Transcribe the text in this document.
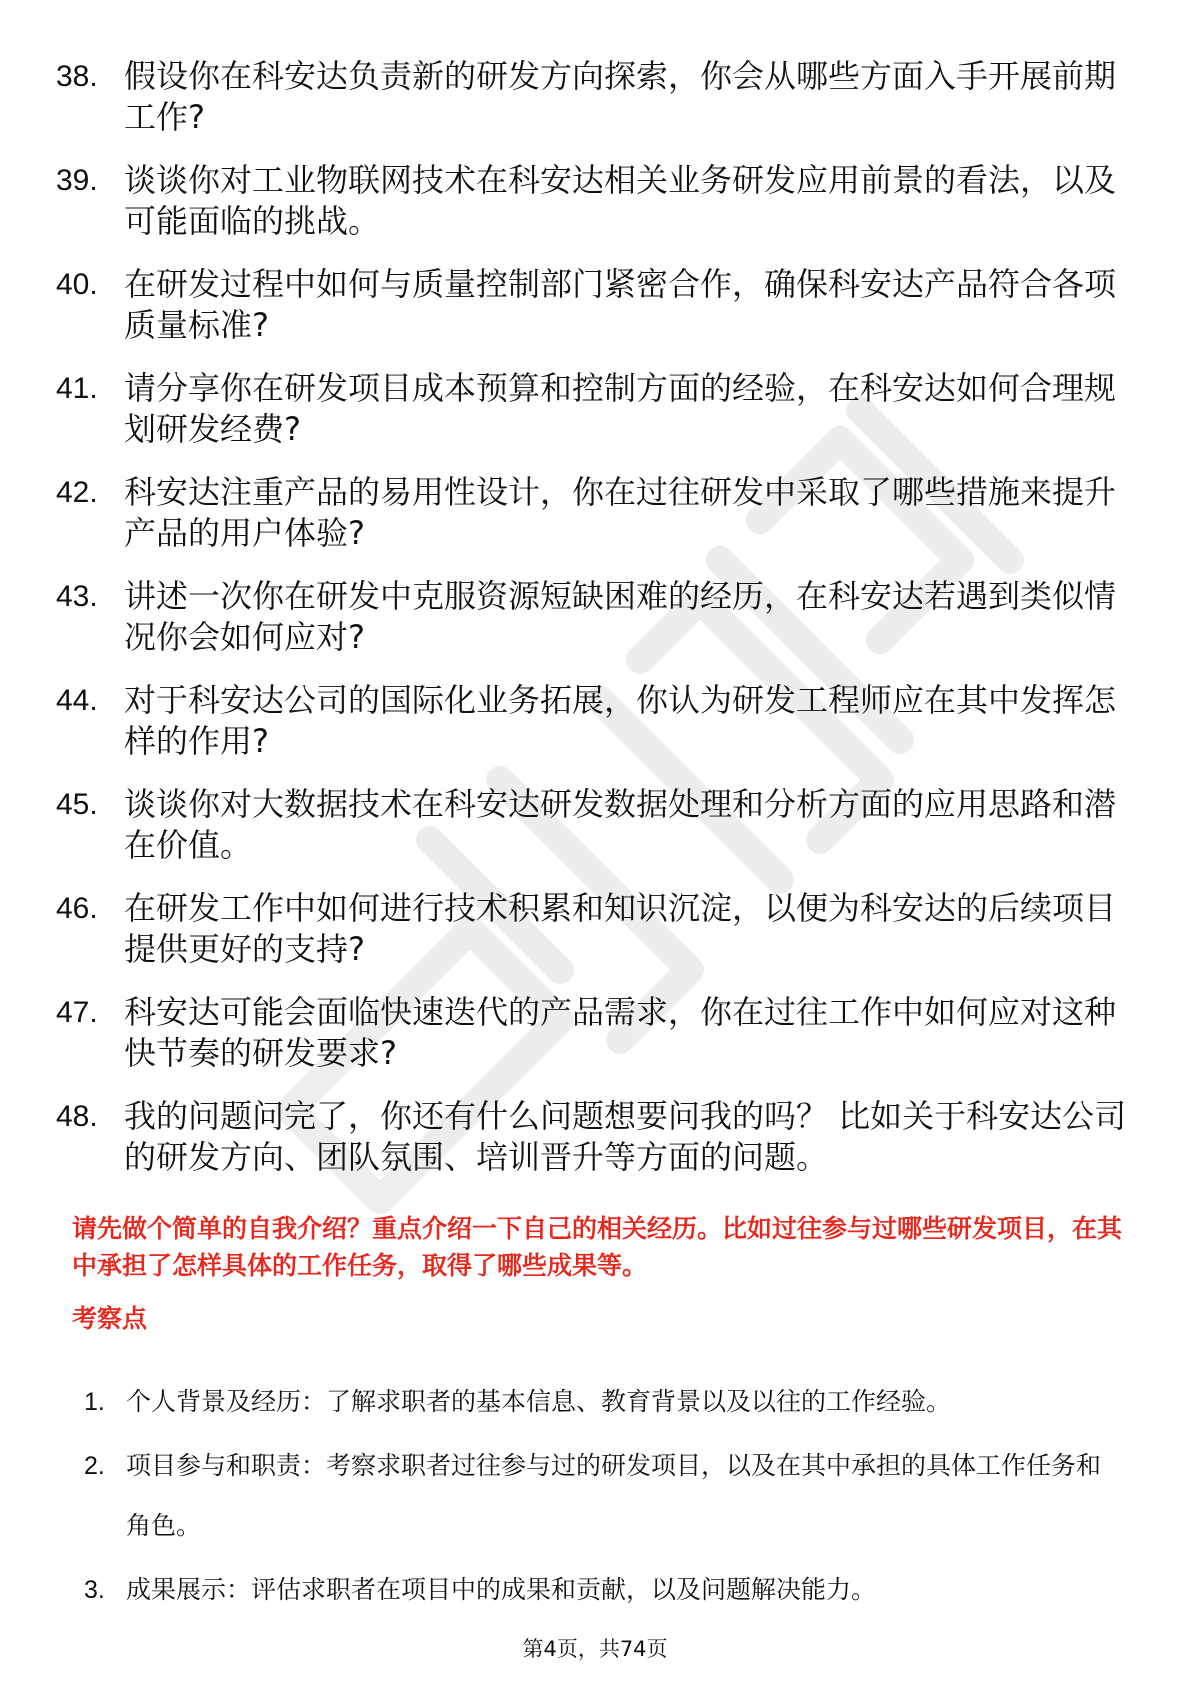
38. 假设你在科安达负责新的研发方向探索，你会从哪些方面入手开展前期工作?
39. 谈谈你对工业物联网技术在科安达相关业务研发应用前景的看法，以及可能面临的挑战。
40. 在研发过程中如何与质量控制部门紧密合作，确保科安达产品符合各项质量标准?
41. 请分享你在研发项目成本预算和控制方面的经验，在科安达如何合理规划研发经费?
42. 科安达注重产品的易用性设计，你在过往研发中采取了哪些措施来提升产品的用户体验?
43. 讲述一次你在研发中克服资源短缺困难的经历，在科安达若遇到类似情况你会如何应对?
44. 对于科安达公司的国际化业务拓展，你认为研发工程师应在其中发挥怎样的作用?
45. 谈谈你对大数据技术在科安达研发数据处理和分析方面的应用思路和潜在价值。
46. 在研发工作中如何进行技术积累和知识沉淀，以便为科安达的后续项目提供更好的支持?
47. 科安达可能会面临快速迭代的产品需求，你在过往工作中如何应对这种快节奏的研发要求?
48. 我的问题问完了，你还有什么问题想要问我的吗？ 比如关于科安达公司的研发方向、团队氛围、培训晋升等方面的问题。

请先做个简单的自我介绍？重点介绍一下自己的相关经历。比如过往参与过哪些研发项目，在其中承担了怎样具体的工作任务，取得了哪些成果等。

考察点

1. 个人背景及经历：了解求职者的基本信息、教育背景以及以往的工作经验。
2. 项目参与和职责：考察求职者过往参与过的研发项目，以及在其中承担的具体工作任务和角色。
3. 成果展示：评估求职者在项目中的成果和贡献，以及问题解决能力。
第4页，共74页
